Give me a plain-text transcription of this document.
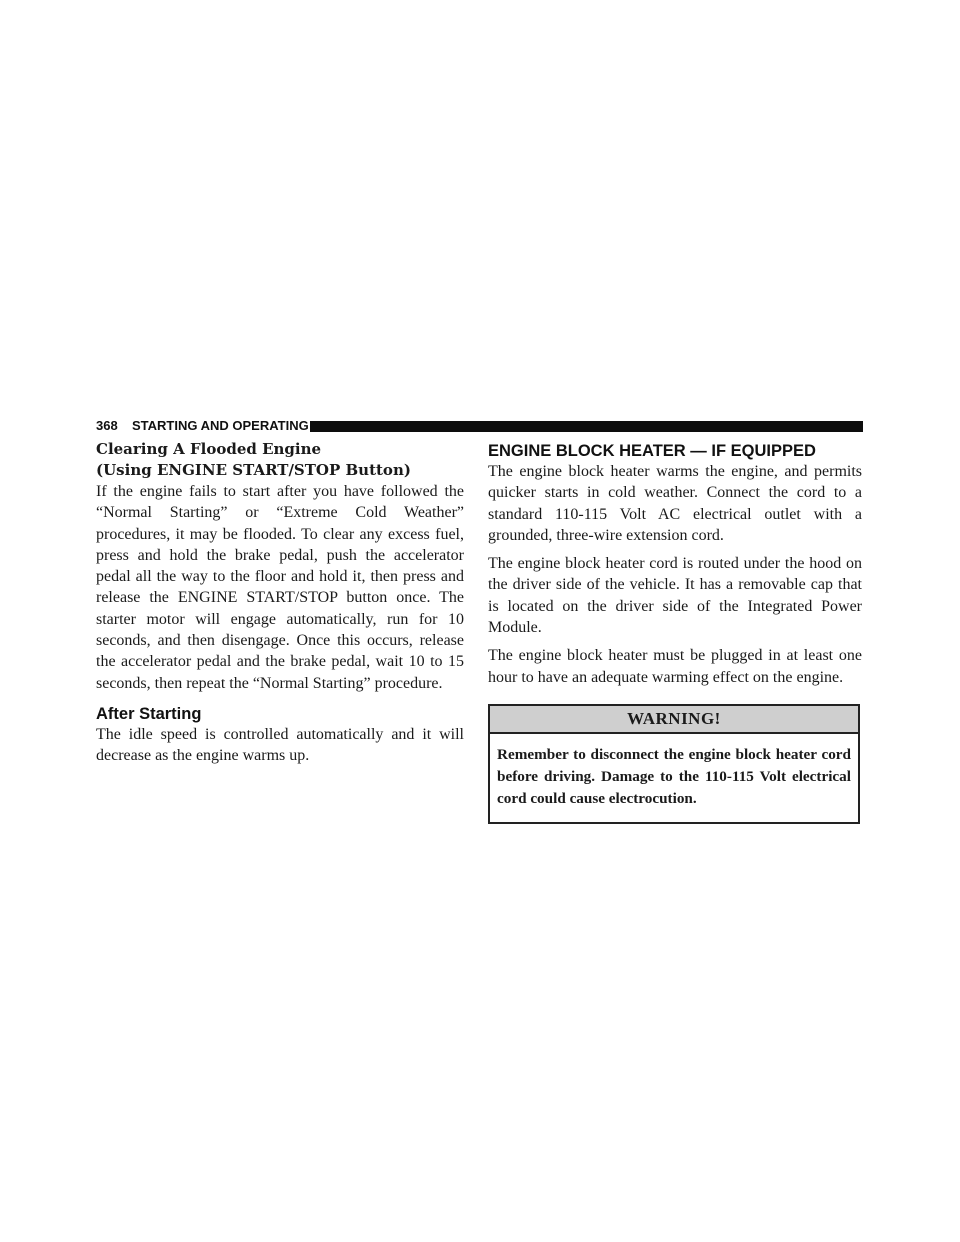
368 STARTING AND OPERATING
Clearing A Flooded Engine
(Using ENGINE START/STOP Button)

If the engine fails to start after you have followed the “Normal Starting” or “Extreme Cold Weather” procedures, it may be flooded. To clear any excess fuel, press and hold the brake pedal, push the accelerator pedal all the way to the floor and hold it, then press and release the ENGINE START/STOP button once. The starter motor will engage automatically, run for 10 seconds, and then disengage. Once this occurs, release the accelerator pedal and the brake pedal, wait 10 to 15 seconds, then repeat the “Normal Starting” procedure.

After Starting

The idle speed is controlled automatically and it will decrease as the engine warms up.

ENGINE BLOCK HEATER — IF EQUIPPED

The engine block heater warms the engine, and permits quicker starts in cold weather. Connect the cord to a standard 110-115 Volt AC electrical outlet with a grounded, three-wire extension cord.

The engine block heater cord is routed under the hood on the driver side of the vehicle. It has a removable cap that is located on the driver side of the Integrated Power Module.

The engine block heater must be plugged in at least one hour to have an adequate warming effect on the engine.

WARNING!
Remember to disconnect the engine block heater cord before driving. Damage to the 110-115 Volt electrical cord could cause electrocution.
